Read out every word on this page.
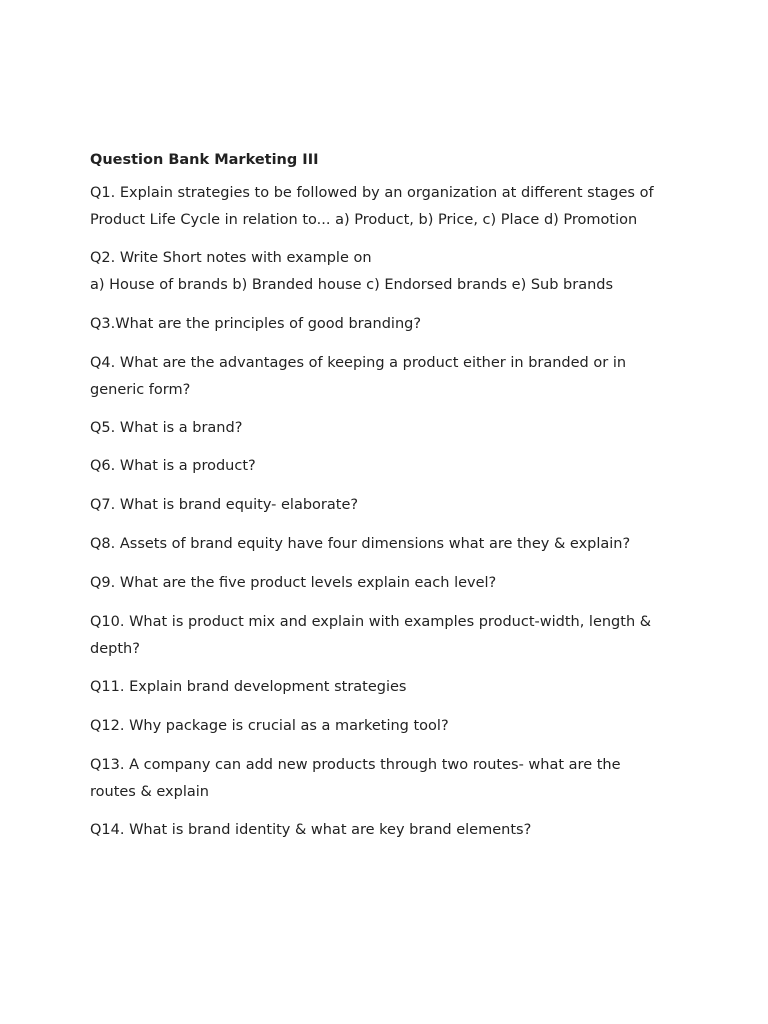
Question Bank Marketing III

Q1. Explain strategies to be followed by an organization at different stages of
Product Life Cycle in relation to... a) Product, b) Price, c) Place d) Promotion

Q2. Write Short notes with example on
a) House of brands b) Branded house c) Endorsed brands e) Sub brands

Q3.What are the principles of good branding?

Q4. What are the advantages of keeping a product either in branded or in
generic form?

Q5. What is a brand?

Q6. What is a product?

Q7. What is brand equity- elaborate?

Q8. Assets of brand equity have four dimensions what are they & explain?

Q9. What are the five product levels explain each level?

Q10. What is product mix and explain with examples product-width, length &
depth?

Q11. Explain brand development strategies

Q12. Why package is crucial as a marketing tool?

Q13. A company can add new products through two routes- what are the
routes & explain

Q14. What is brand identity & what are key brand elements?
